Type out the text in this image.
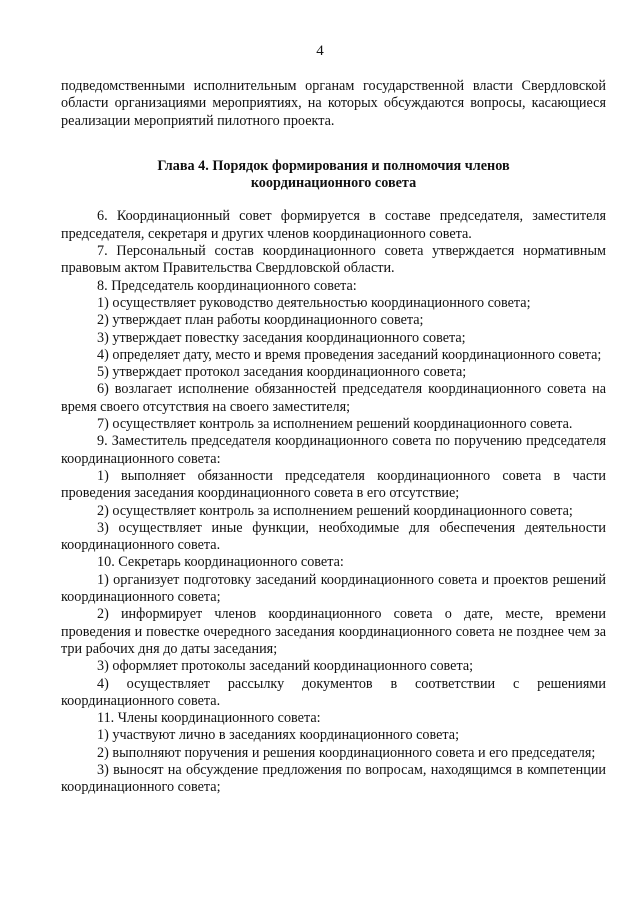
4

подведомственными исполнительным органам государственной власти Свердловской области организациями мероприятиях, на которых обсуждаются вопросы, касающиеся реализации мероприятий пилотного проекта.

Глава 4. Порядок формирования и полномочия членов
координационного совета

6. Координационный совет формируется в составе председателя, заместителя председателя, секретаря и других членов координационного совета.

7. Персональный состав координационного совета утверждается нормативным правовым актом Правительства Свердловской области.

8. Председатель координационного совета:

1) осуществляет руководство деятельностью координационного совета;

2) утверждает план работы координационного совета;

3) утверждает повестку заседания координационного совета;

4) определяет дату, место и время проведения заседаний координационного совета;

5) утверждает протокол заседания координационного совета;

6) возлагает исполнение обязанностей председателя координационного совета на время своего отсутствия на своего заместителя;

7) осуществляет контроль за исполнением решений координационного совета.

9. Заместитель председателя координационного совета по поручению председателя координационного совета:

1) выполняет обязанности председателя координационного совета в части проведения заседания координационного совета в его отсутствие;

2) осуществляет контроль за исполнением решений координационного совета;

3) осуществляет иные функции, необходимые для обеспечения деятельности координационного совета.

10. Секретарь координационного совета:

1) организует подготовку заседаний координационного совета и проектов решений координационного совета;

2) информирует членов координационного совета о дате, месте, времени проведения и повестке очередного заседания координационного совета не позднее чем за три рабочих дня до даты заседания;

3) оформляет протоколы заседаний координационного совета;

4) осуществляет рассылку документов в соответствии с решениями координационного совета.

11. Члены координационного совета:

1) участвуют лично в заседаниях координационного совета;

2) выполняют поручения и решения координационного совета и его председателя;

3) выносят на обсуждение предложения по вопросам, находящимся в компетенции координационного совета;
